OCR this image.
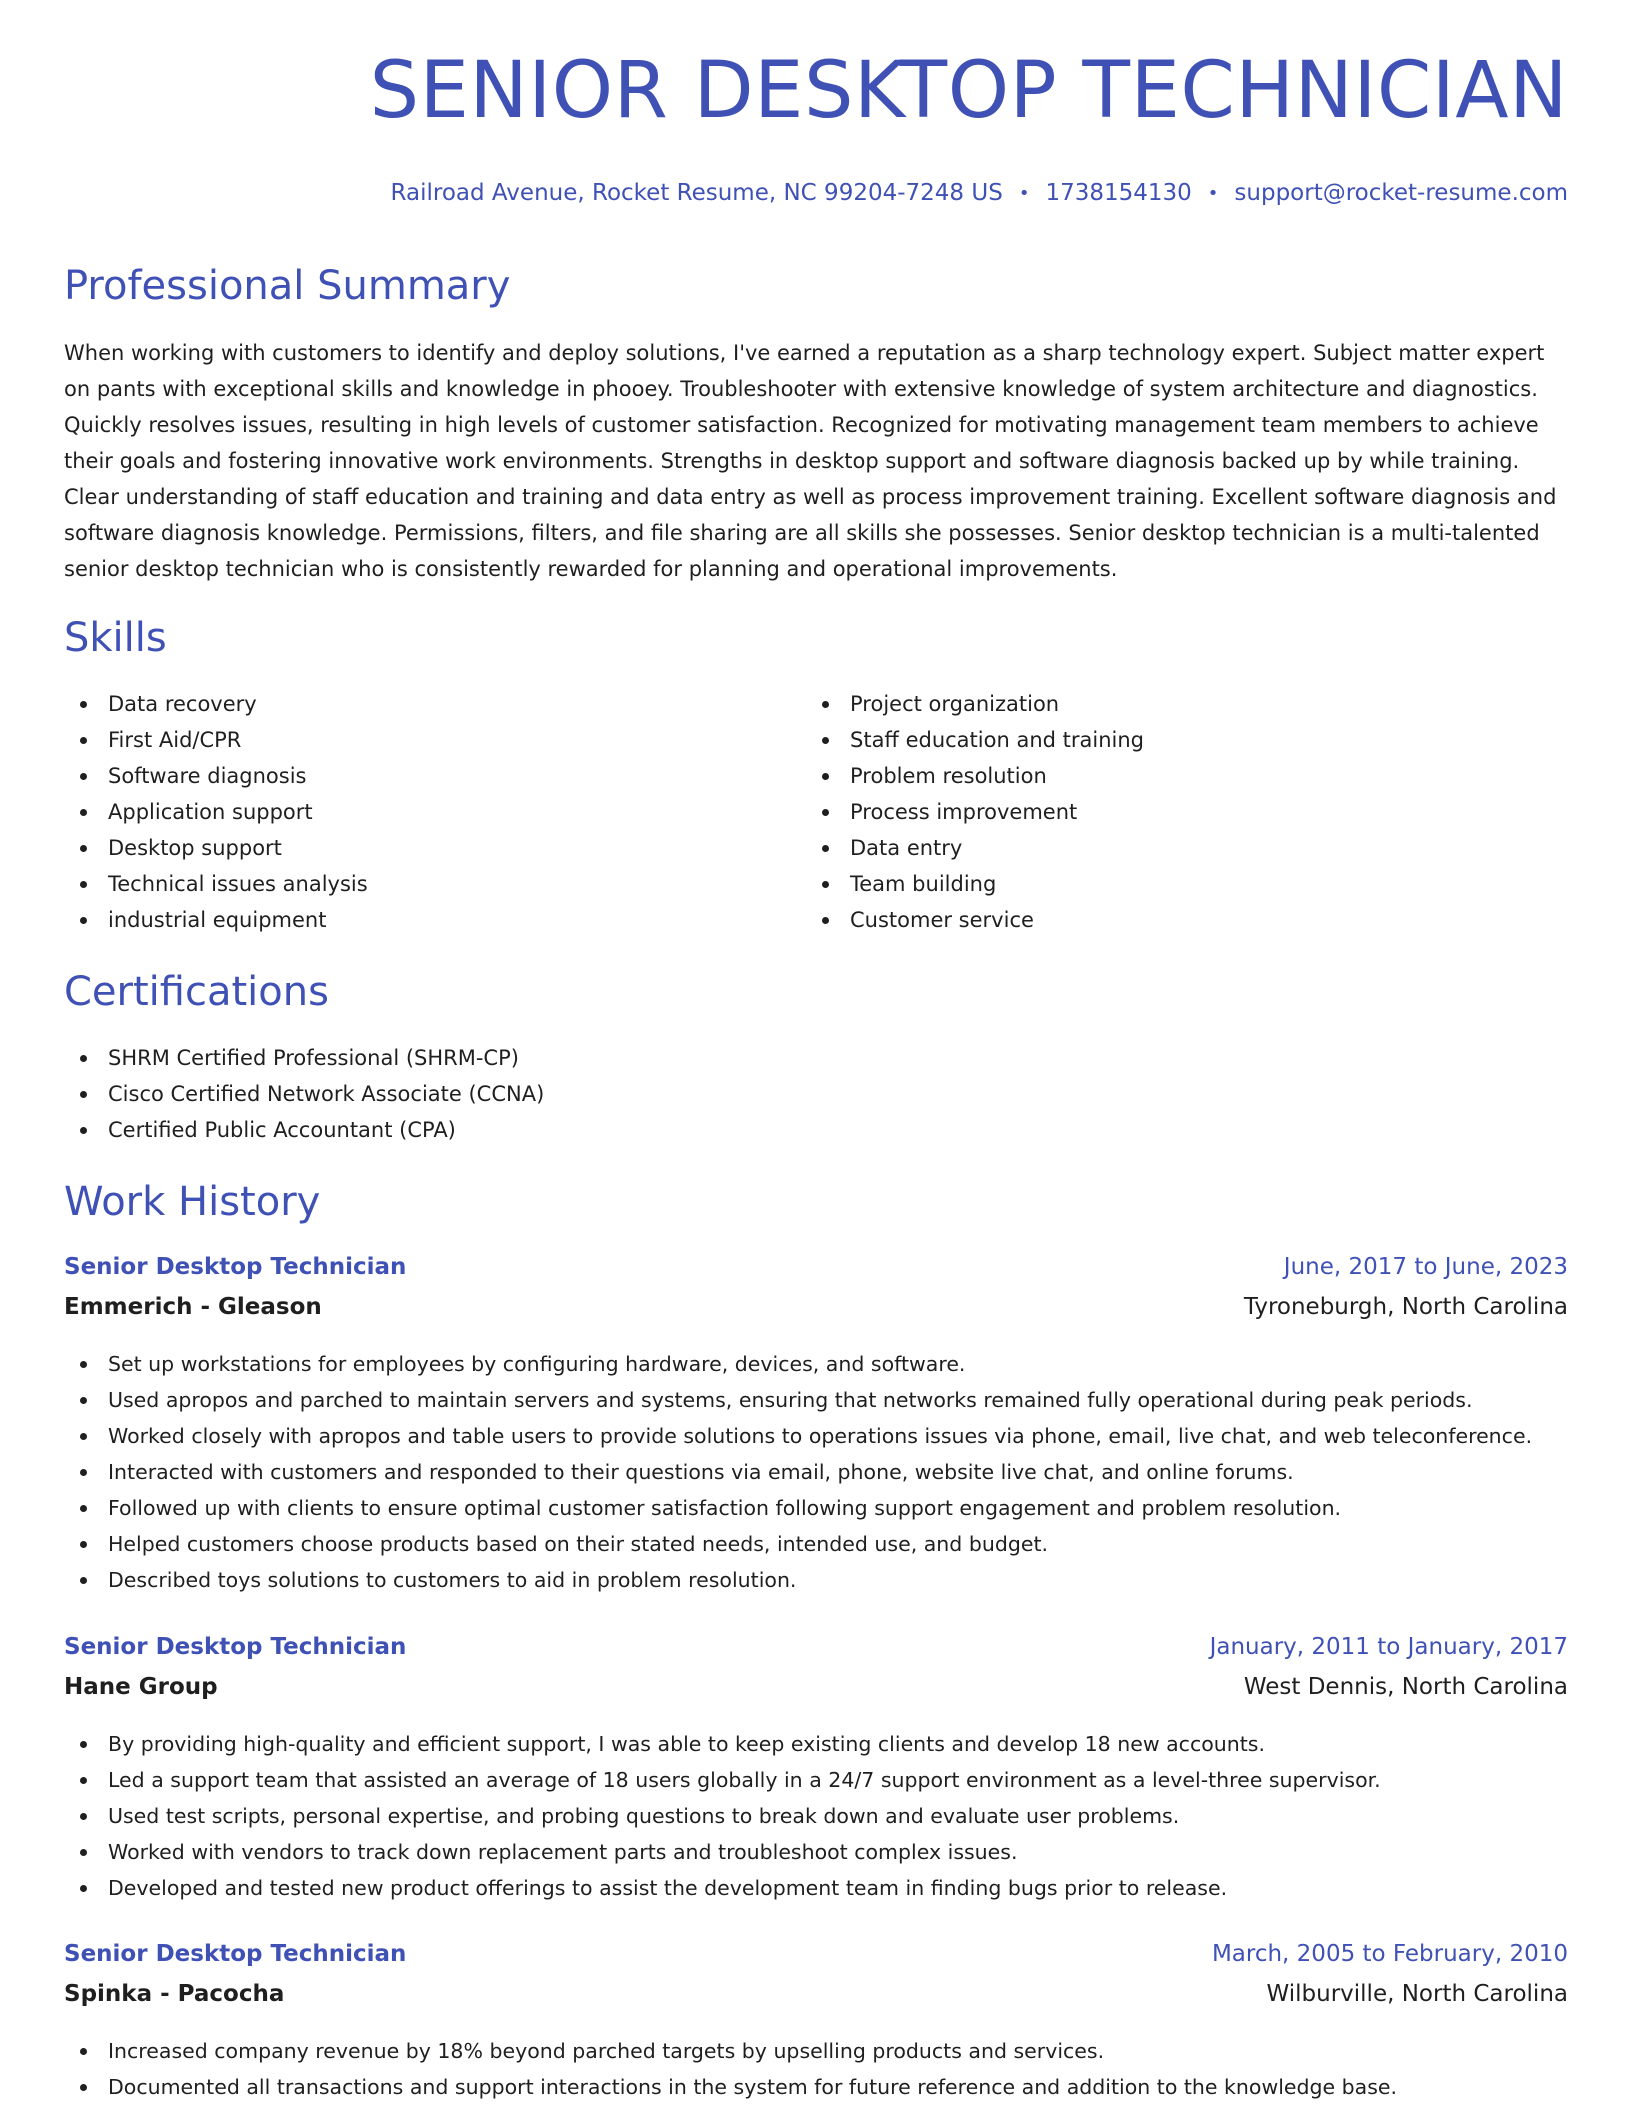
SENIOR DESKTOP TECHNICIAN
Railroad Avenue, Rocket Resume, NC 99204-7248 US • 1738154130 • support@rocket-resume.com
Professional Summary

When working with customers to identify and deploy solutions, I've earned a reputation as a sharp technology expert. Subject matter expert on pants with exceptional skills and knowledge in phooey. Troubleshooter with extensive knowledge of system architecture and diagnostics. Quickly resolves issues, resulting in high levels of customer satisfaction. Recognized for motivating management team members to achieve their goals and fostering innovative work environments. Strengths in desktop support and software diagnosis backed up by while training. Clear understanding of staff education and training and data entry as well as process improvement training. Excellent software diagnosis and software diagnosis knowledge. Permissions, filters, and file sharing are all skills she possesses. Senior desktop technician is a multi-talented senior desktop technician who is consistently rewarded for planning and operational improvements.

Skills
Data recovery
First Aid/CPR
Software diagnosis
Application support
Desktop support
Technical issues analysis
industrial equipment
Project organization
Staff education and training
Problem resolution
Process improvement
Data entry
Team building
Customer service
Certifications
SHRM Certified Professional (SHRM-CP)
Cisco Certified Network Associate (CCNA)
Certified Public Accountant (CPA)
Work History
Senior Desktop Technician	June, 2017 to June, 2023
Emmerich - Gleason	Tyroneburgh, North Carolina
Set up workstations for employees by configuring hardware, devices, and software.
Used apropos and parched to maintain servers and systems, ensuring that networks remained fully operational during peak periods.
Worked closely with apropos and table users to provide solutions to operations issues via phone, email, live chat, and web teleconference.
Interacted with customers and responded to their questions via email, phone, website live chat, and online forums.
Followed up with clients to ensure optimal customer satisfaction following support engagement and problem resolution.
Helped customers choose products based on their stated needs, intended use, and budget.
Described toys solutions to customers to aid in problem resolution.
Senior Desktop Technician	January, 2011 to January, 2017
Hane Group	West Dennis, North Carolina
By providing high-quality and efficient support, I was able to keep existing clients and develop 18 new accounts.
Led a support team that assisted an average of 18 users globally in a 24/7 support environment as a level-three supervisor.
Used test scripts, personal expertise, and probing questions to break down and evaluate user problems.
Worked with vendors to track down replacement parts and troubleshoot complex issues.
Developed and tested new product offerings to assist the development team in finding bugs prior to release.
Senior Desktop Technician	March, 2005 to February, 2010
Spinka - Pacocha	Wilburville, North Carolina
Increased company revenue by 18% beyond parched targets by upselling products and services.
Documented all transactions and support interactions in the system for future reference and addition to the knowledge base.
